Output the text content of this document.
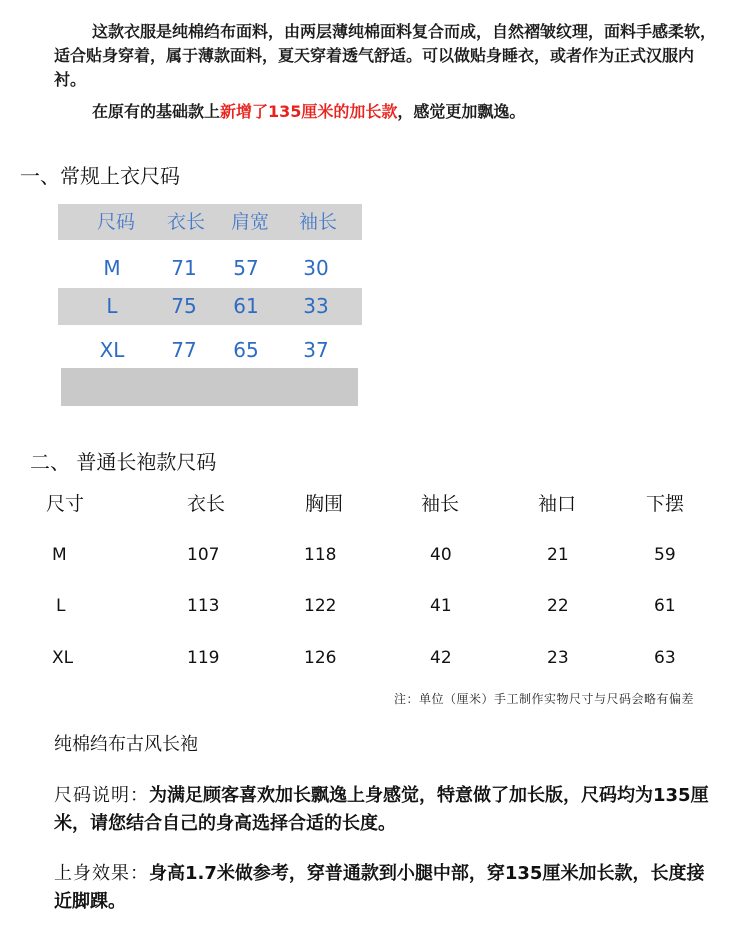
这款衣服是纯棉绉布面料，由两层薄纯棉面料复合而成，自然褶皱纹理，面料手感柔软，适合贴身穿着，属于薄款面料，夏天穿着透气舒适。可以做贴身睡衣，或者作为正式汉服内衬。

在原有的基础款上新增了135厘米的加长款，感觉更加飘逸。

一、常规上衣尺码
尺码	衣长	肩宽	袖长
M	71	57	30
L	75	61	33
XL	77	65	37
二、 普通长袍款尺码
尺寸	衣长	胸围	袖长	袖口	下摆
M	107	118	40	21	59
L	113	122	41	22	61
XL	119	126	42	23	63
注：单位（厘米）手工制作实物尺寸与尺码会略有偏差
纯棉绉布古风长袍
尺码说明：为满足顾客喜欢加长飘逸上身感觉，特意做了加长版，尺码均为135厘米，请您结合自己的身高选择合适的长度。
上身效果：身高1.7米做参考，穿普通款到小腿中部，穿135厘米加长款，长度接近脚踝。
